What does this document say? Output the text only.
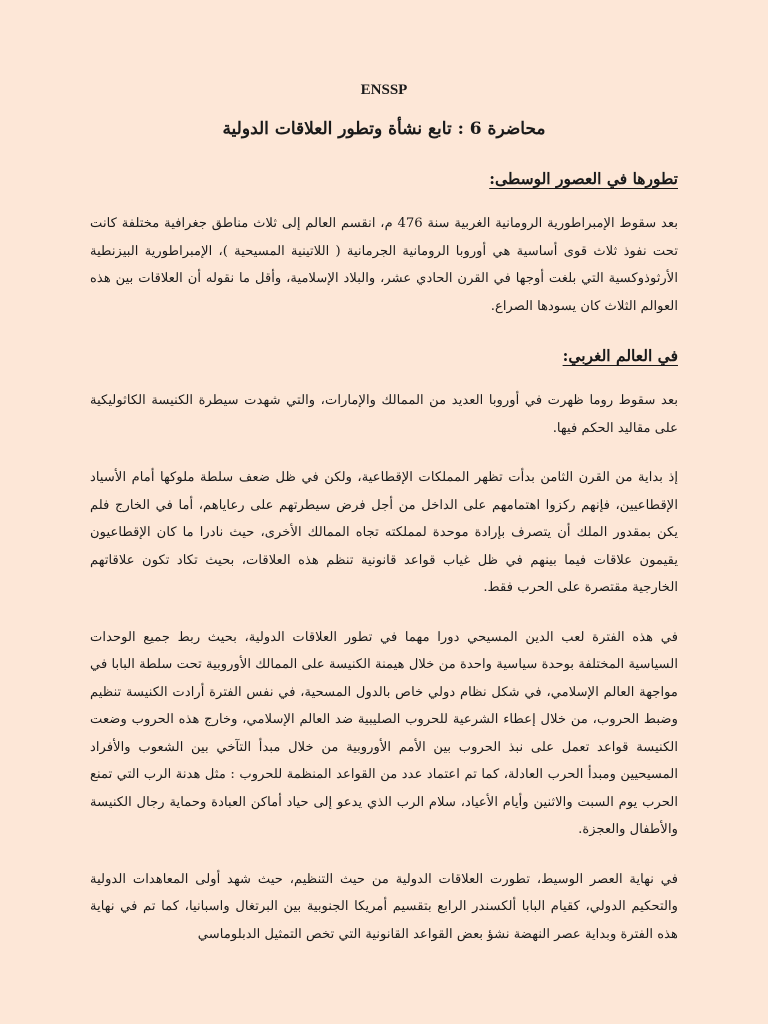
ENSSP
محاضرة 6 : تابع نشأة وتطور العلاقات الدولية
تطورها في العصور الوسطى:

بعد سقوط الإمبراطورية الرومانية الغربية سنة 476 م، انقسم العالم إلى ثلاث مناطق جغرافية مختلفة كانت تحت نفوذ ثلاث قوى أساسية هي أوروبا الرومانية الجرمانية ( اللاتينية المسيحية )، الإمبراطورية البيزنطية الأرثوذوكسية التي بلغت أوجها في القرن الحادي عشر، والبلاد الإسلامية، وأقل ما نقوله أن العلاقات بين هذه العوالم الثلاث كان يسودها الصراع.

في العالم الغربي:

بعد سقوط روما ظهرت في أوروبا العديد من الممالك والإمارات، والتي شهدت سيطرة الكنيسة الكاثوليكية على مقاليد الحكم فيها.

إذ بداية من القرن الثامن بدأت تظهر المملكات الإقطاعية، ولكن في ظل ضعف سلطة ملوكها أمام الأسياد الإقطاعيين، فإنهم ركزوا اهتمامهم على الداخل من أجل فرض سيطرتهم على رعاياهم، أما في الخارج فلم يكن بمقدور الملك أن يتصرف بإرادة موحدة لمملكته تجاه الممالك الأخرى، حيث نادرا ما كان الإقطاعيون يقيمون علاقات فيما بينهم في ظل غياب قواعد قانونية تنظم هذه العلاقات، بحيث تكاد تكون علاقاتهم الخارجية مقتصرة على الحرب فقط.

في هذه الفترة لعب الدين المسيحي دورا مهما في تطور العلاقات الدولية، بحيث ربط جميع الوحدات السياسية المختلفة بوحدة سياسية واحدة من خلال هيمنة الكنيسة على الممالك الأوروبية تحت سلطة البابا في مواجهة العالم الإسلامي، في شكل نظام دولي خاص بالدول المسحية، في نفس الفترة أرادت الكنيسة تنظيم وضبط الحروب، من خلال إعطاء الشرعية للحروب الصليبية ضد العالم الإسلامي، وخارج هذه الحروب وضعت الكنيسة قواعد تعمل على نبذ الحروب بين الأمم الأوروبية من خلال مبدأ التآخي بين الشعوب والأفراد المسيحيين ومبدأ الحرب العادلة، كما تم اعتماد عدد من القواعد المنظمة للحروب : مثل هدنة الرب التي تمنع الحرب يوم السبت والاثنين وأيام الأعياد، سلام الرب الذي يدعو إلى حياد أماكن العبادة وحماية رجال الكنيسة والأطفال والعجزة.

في نهاية العصر الوسيط، تطورت العلاقات الدولية من حيث التنظيم، حيث شهد أولى المعاهدات الدولية والتحكيم الدولي، كقيام البابا ألكسندر الرابع بتقسيم أمريكا الجنوبية بين البرتغال واسبانيا، كما تم في نهاية هذه الفترة وبداية عصر النهضة نشؤ بعض القواعد القانونية التي تخص التمثيل الدبلوماسي
